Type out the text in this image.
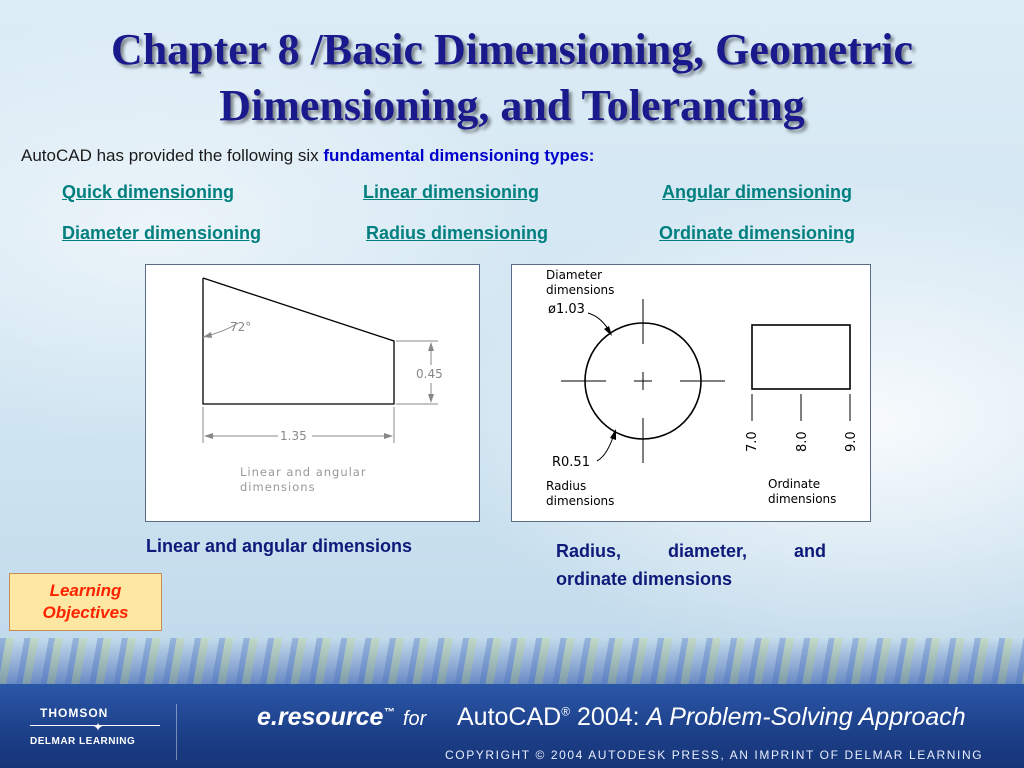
Chapter 8 /Basic Dimensioning, Geometric
Dimensioning, and Tolerancing
AutoCAD has provided the following six fundamental dimensioning types:
Quick dimensioning	Linear dimensioning	Angular dimensioning
Diameter dimensioning	Radius dimensioning	Ordinate dimensioning
72°
0.45
1.35
Linear and angular
dimensions
Diameter
dimensions
ø1.03
R0.51
Radius
dimensions
Ordinate
dimensions
7.0	8.0	9.0
Linear and angular dimensions	Radius,	diameter,	and
ordinate dimensions
Learning
Objectives
THOMSON
✦
DELMAR LEARNING
e.resource™ for AutoCAD® 2004: A Problem-Solving Approach
COPYRIGHT © 2004 AUTODESK PRESS, AN IMPRINT OF DELMAR LEARNING
